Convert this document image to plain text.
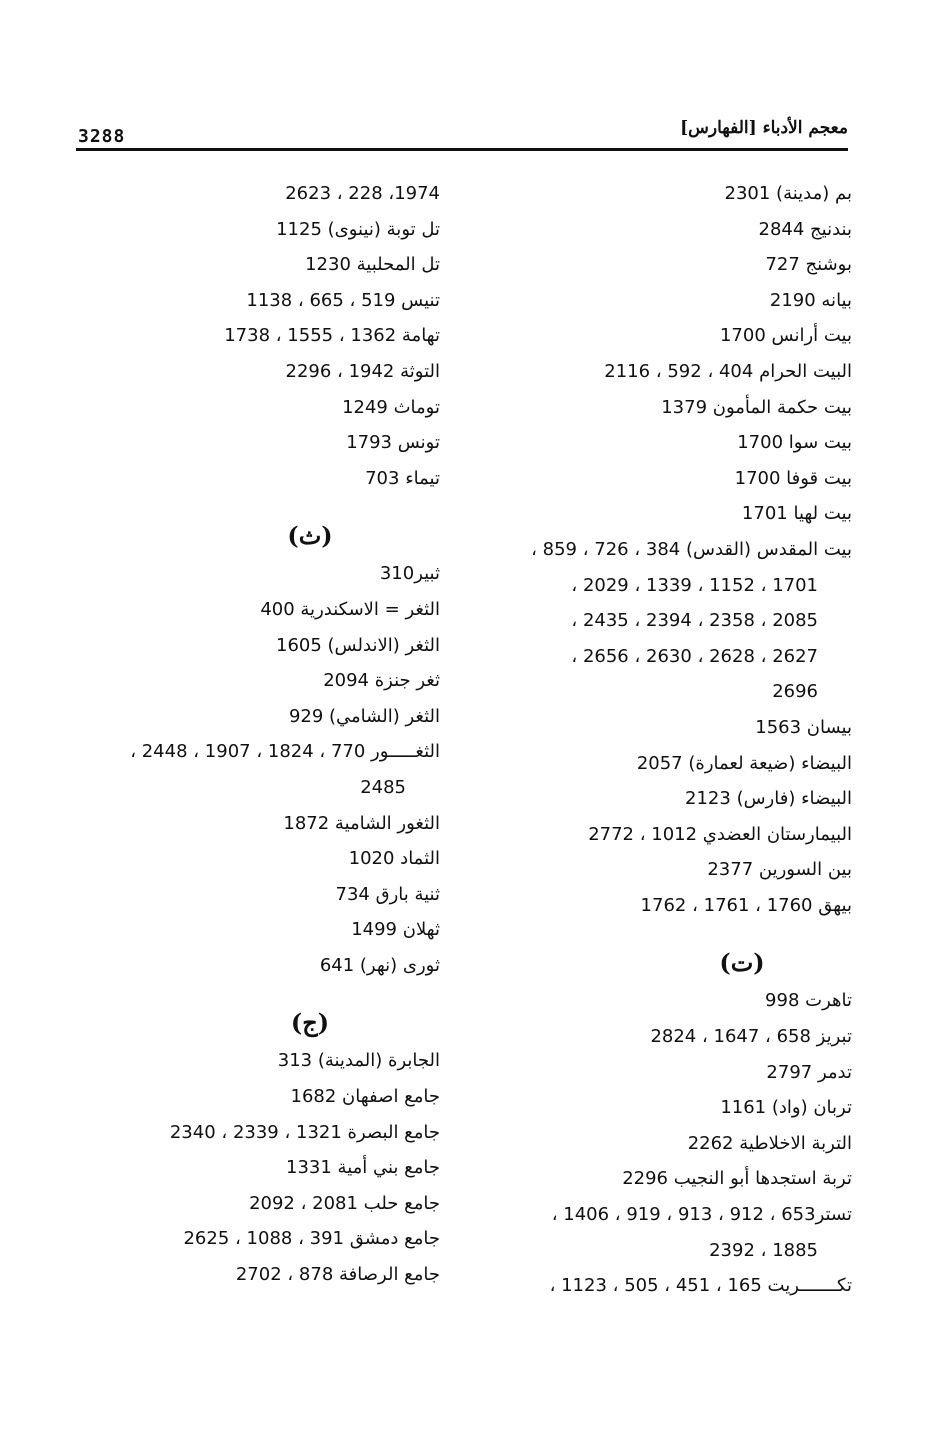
3288	معجم الأدباء [الفهارس]
بم (مدينة) 2301
بندنيج 2844
بوشنج 727
بيانه 2190
بيت أرانس 1700
البيت الحرام 404 ، 592 ، 2116
بيت حكمة المأمون 1379
بيت سوا 1700
بيت قوفا 1700
بيت لهيا 1701
بيت المقدس (القدس) 384 ، 726 ، 859 ،
1701 ، 1152 ، 1339 ، 2029 ،
2085 ، 2358 ، 2394 ، 2435 ،
2627 ، 2628 ، 2630 ، 2656 ،
2696
بيسان 1563
البيضاء (ضيعة لعمارة) 2057
البيضاء (فارس) 2123
البيمارستان العضدي 1012 ، 2772
بين السورين 2377
بيهق 1760 ، 1761 ، 1762
(ت)
تاهرت 998
تبريز 658 ، 1647 ، 2824
تدمر 2797
تربان (واد) 1161
التربة الاخلاطية 2262
تربة استجدها أبو النجيب 2296
تستر653 ، 912 ، 913 ، 919 ، 1406 ،
1885 ، 2392
تكـــــــريت 165 ، 451 ، 505 ، 1123 ،
1974، 228 ، 2623
تل توبة (نينوى) 1125
تل المحلبية 1230
تنيس 519 ، 665 ، 1138
تهامة 1362 ، 1555 ، 1738
التوثة 1942 ، 2296
توماث 1249
تونس 1793
تيماء 703
(ث)
ثبير310
الثغر = الاسكندرية 400
الثغر (الاندلس) 1605
ثغر جنزة 2094
الثغر (الشامي) 929
الثغـــــور 770 ، 1824 ، 1907 ، 2448 ،
2485
الثغور الشامية 1872
الثماد 1020
ثنية بارق 734
ثهلان 1499
ثورى (نهر) 641
(ج)
الجابرة (المدينة) 313
جامع اصفهان 1682
جامع البصرة 1321 ، 2339 ، 2340
جامع بني أمية 1331
جامع حلب 2081 ، 2092
جامع دمشق 391 ، 1088 ، 2625
جامع الرصافة 878 ، 2702
